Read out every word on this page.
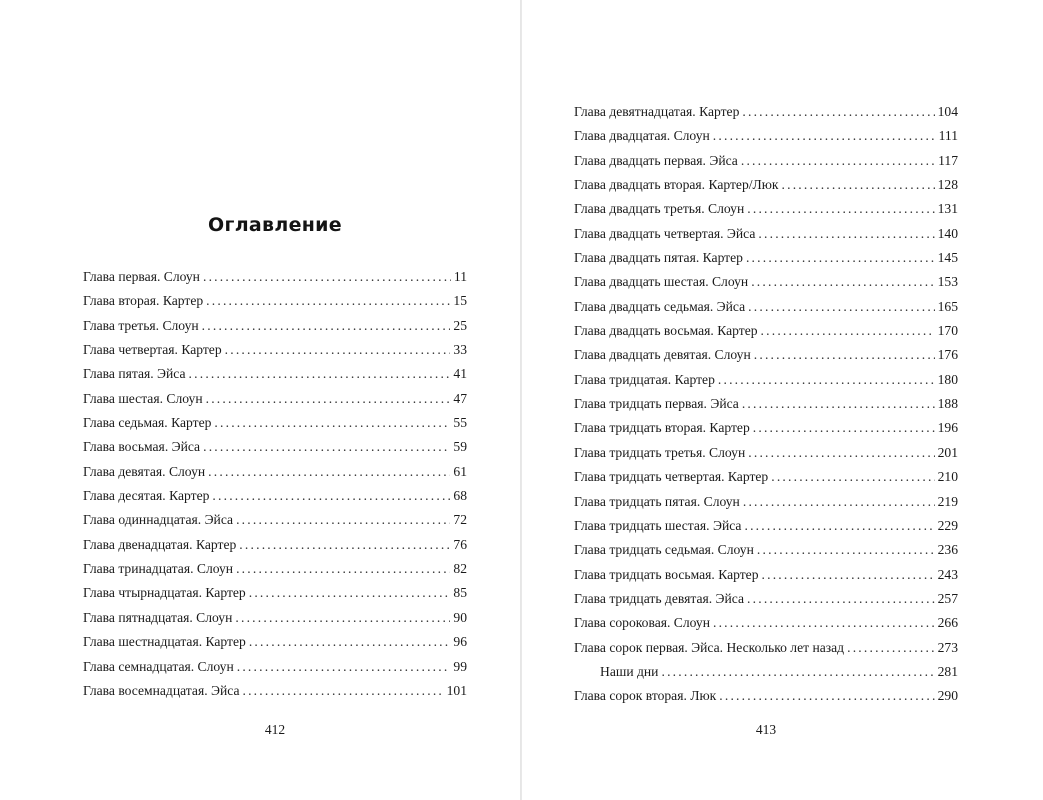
Оглавление
Глава первая. Слоун .....	11
Глава вторая. Картер .....	15
Глава третья. Слоун .....	25
Глава четвертая. Картер .....	33
Глава пятая. Эйса .....	41
Глава шестая. Слоун .....	47
Глава седьмая. Картер .....	55
Глава восьмая. Эйса .....	59
Глава девятая. Слоун .....	61
Глава десятая. Картер .....	68
Глава одиннадцатая. Эйса .....	72
Глава двенадцатая. Картер .....	76
Глава тринадцатая. Слоун .....	82
Глава чтырнадцатая. Картер .....	85
Глава пятнадцатая. Слоун .....	90
Глава шестнадцатая. Картер .....	96
Глава семнадцатая. Слоун .....	99
Глава восемнадцатая. Эйса .....	101

412

Глава девятнадцатая. Картер .....	104
Глава двадцатая. Слоун .....	111
Глава двадцать первая. Эйса .....	117
Глава двадцать вторая. Картер/Люк .....	128
Глава двадцать третья. Слоун .....	131
Глава двадцать четвертая. Эйса .....	140
Глава двадцать пятая. Картер .....	145
Глава двадцать шестая. Слоун .....	153
Глава двадцать седьмая. Эйса .....	165
Глава двадцать восьмая. Картер .....	170
Глава двадцать девятая. Слоун .....	176
Глава тридцатая. Картер .....	180
Глава тридцать первая. Эйса .....	188
Глава тридцать вторая. Картер .....	196
Глава тридцать третья. Слоун .....	201
Глава тридцать четвертая. Картер .....	210
Глава тридцать пятая. Слоун .....	219
Глава тридцать шестая. Эйса .....	229
Глава тридцать седьмая. Слоун .....	236
Глава тридцать восьмая. Картер .....	243
Глава тридцать девятая. Эйса .....	257
Глава сороковая. Слоун .....	266
Глава сорок первая. Эйса. Несколько лет назад .....	273
Наши дни .....	281
Глава сорок вторая. Люк .....	290

413
